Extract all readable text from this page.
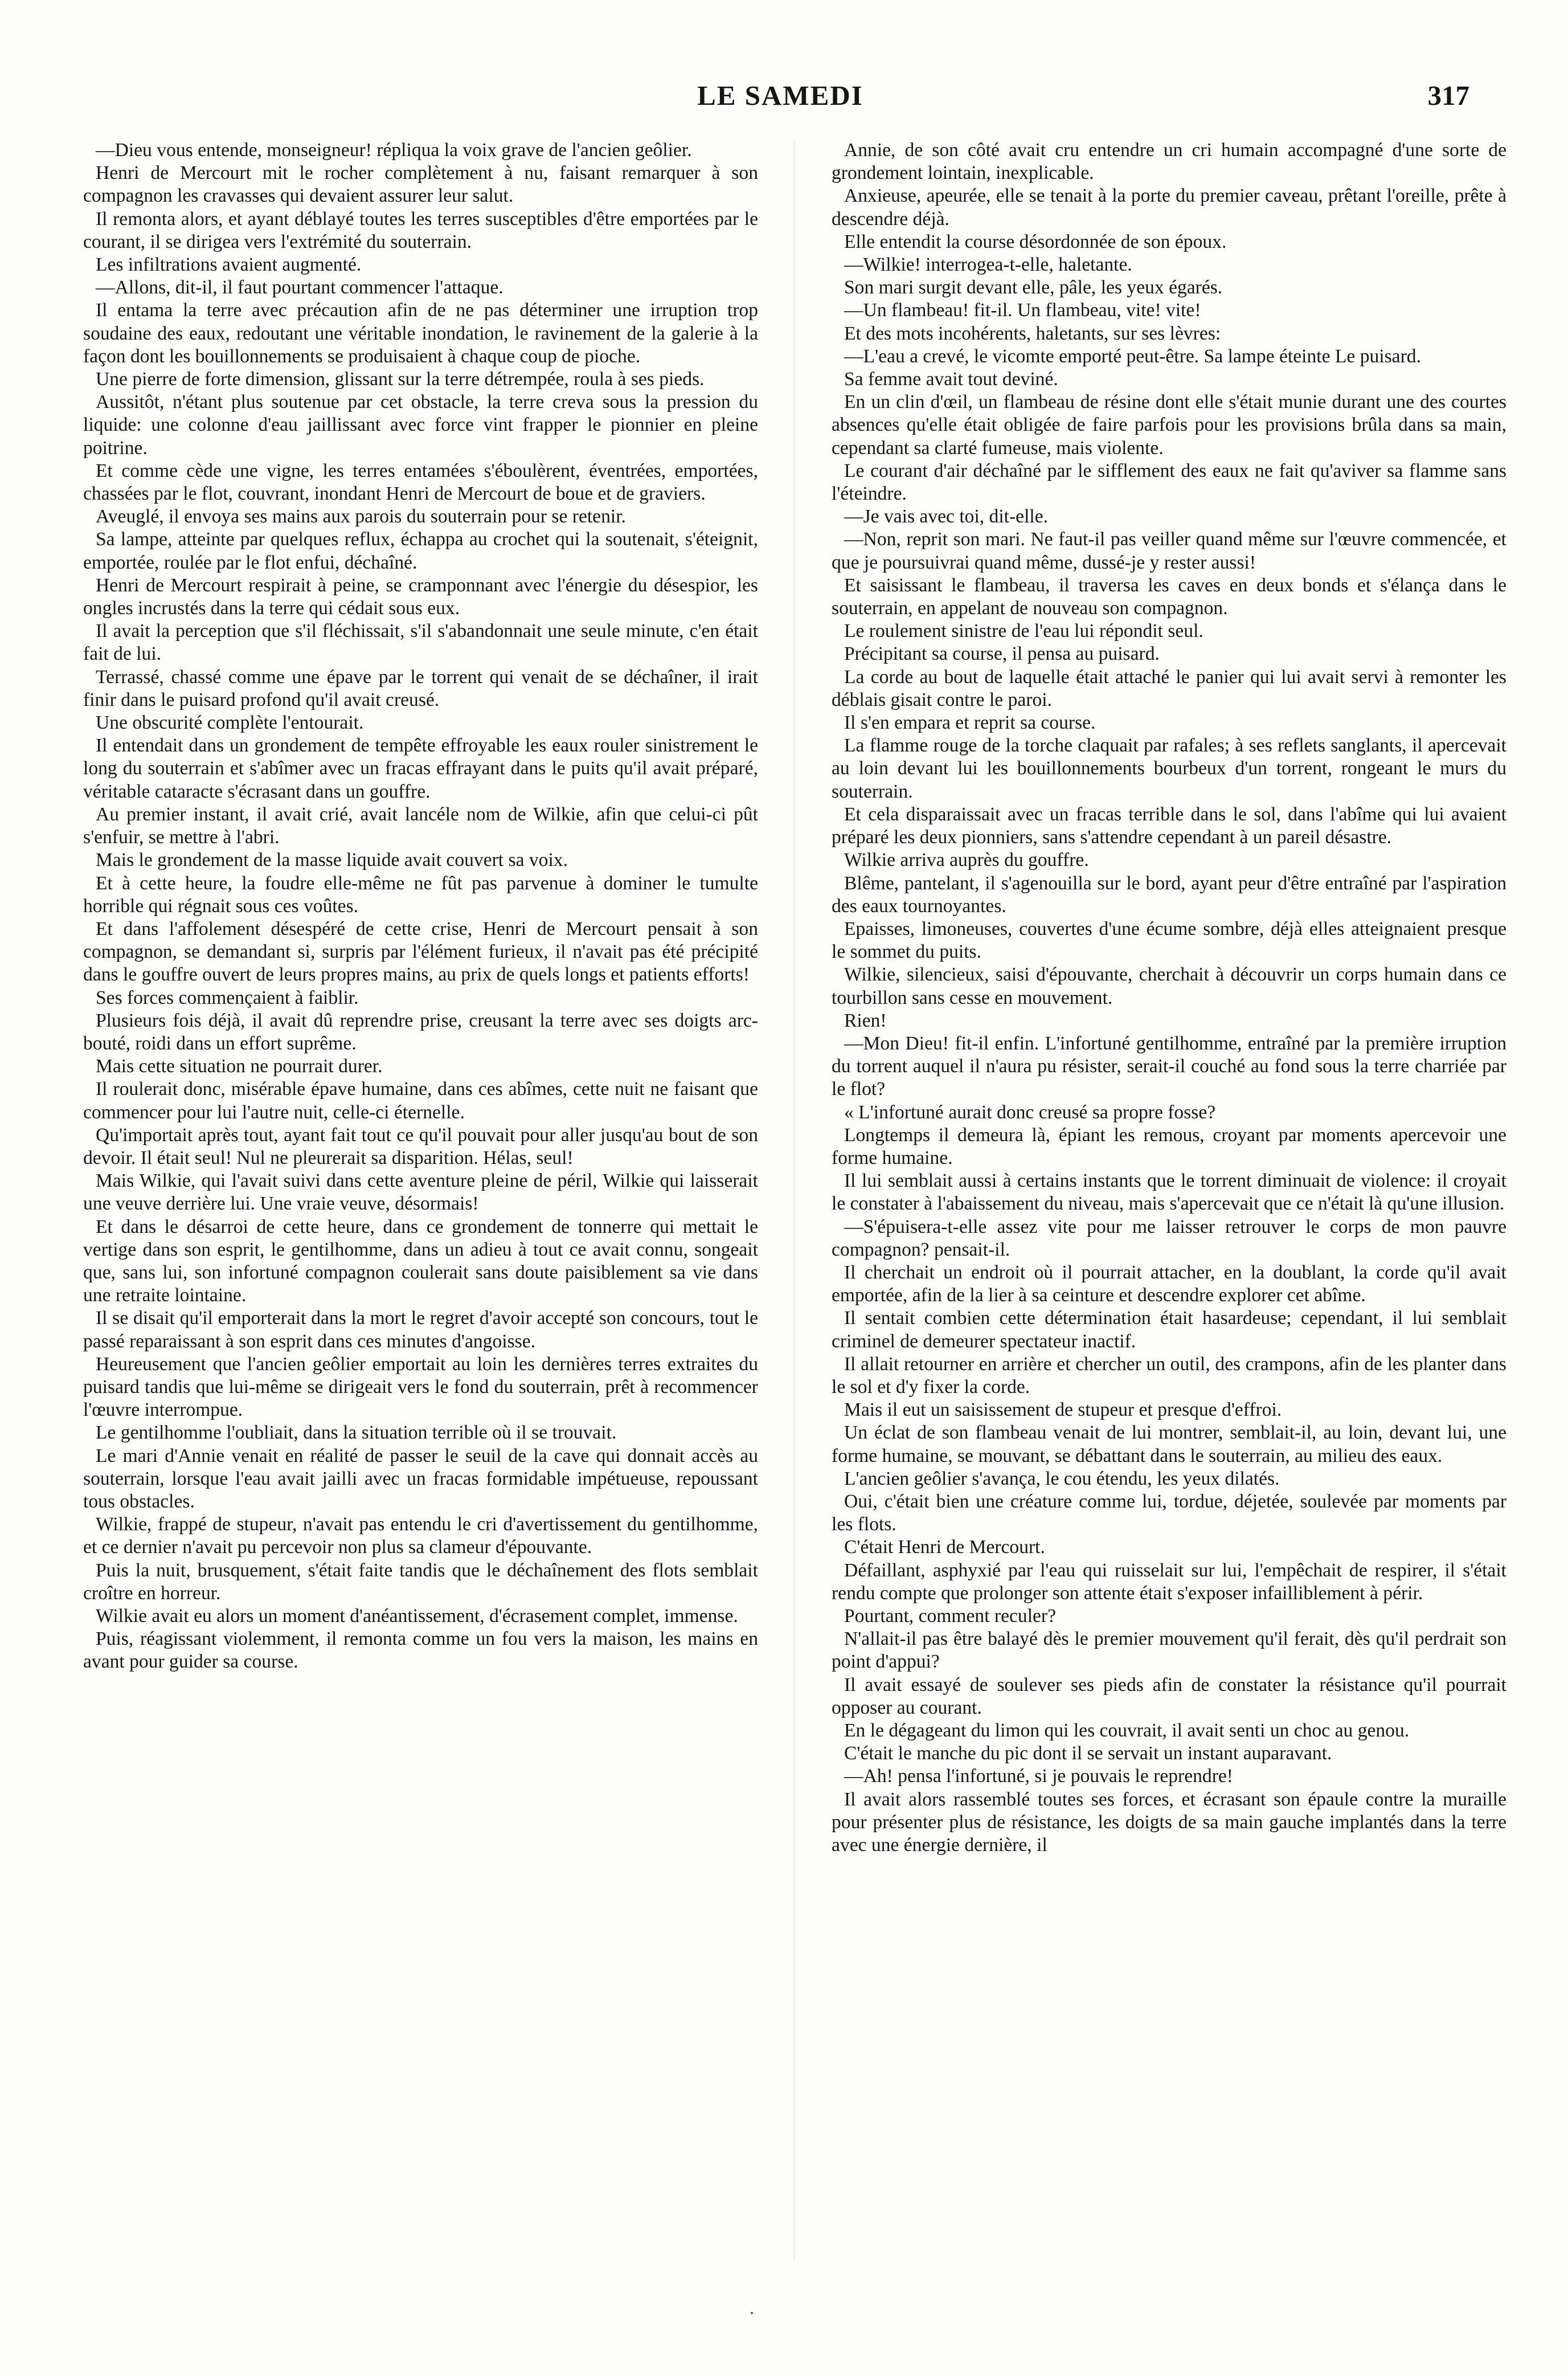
LE SAMEDI	317

—Dieu vous entende, monseigneur! répliqua la voix grave de l'ancien geôlier.

Henri de Mercourt mit le rocher complètement à nu, faisant remarquer à son compagnon les cravasses qui devaient assurer leur salut.

Il remonta alors, et ayant déblayé toutes les terres susceptibles d'être emportées par le courant, il se dirigea vers l'extrémité du souterrain.

Les infiltrations avaient augmenté.

—Allons, dit-il, il faut pourtant commencer l'attaque.

Il entama la terre avec précaution afin de ne pas déterminer une irruption trop soudaine des eaux, redoutant une véritable inondation, le ravinement de la galerie à la façon dont les bouillonnements se produisaient à chaque coup de pioche.

Une pierre de forte dimension, glissant sur la terre détrempée, roula à ses pieds.

Aussitôt, n'étant plus soutenue par cet obstacle, la terre creva sous la pression du liquide: une colonne d'eau jaillissant avec force vint frapper le pionnier en pleine poitrine.

Et comme cède une vigne, les terres entamées s'éboulèrent, éventrées, emportées, chassées par le flot, couvrant, inondant Henri de Mercourt de boue et de graviers.

Aveuglé, il envoya ses mains aux parois du souterrain pour se retenir.

Sa lampe, atteinte par quelques reflux, échappa au crochet qui la soutenait, s'éteignit, emportée, roulée par le flot enfui, déchaîné.

Henri de Mercourt respirait à peine, se cramponnant avec l'énergie du désespior, les ongles incrustés dans la terre qui cédait sous eux.

Il avait la perception que s'il fléchissait, s'il s'abandonnait une seule minute, c'en était fait de lui.

Terrassé, chassé comme une épave par le torrent qui venait de se déchaîner, il irait finir dans le puisard profond qu'il avait creusé.

Une obscurité complète l'entourait.

Il entendait dans un grondement de tempête effroyable les eaux rouler sinistrement le long du souterrain et s'abîmer avec un fracas effrayant dans le puits qu'il avait préparé, véritable cataracte s'écrasant dans un gouffre.

Au premier instant, il avait crié, avait lancéle nom de Wilkie, afin que celui-ci pût s'enfuir, se mettre à l'abri.

Mais le grondement de la masse liquide avait couvert sa voix.

Et à cette heure, la foudre elle-même ne fût pas parvenue à dominer le tumulte horrible qui régnait sous ces voûtes.

Et dans l'affolement désespéré de cette crise, Henri de Mercourt pensait à son compagnon, se demandant si, surpris par l'élément furieux, il n'avait pas été précipité dans le gouffre ouvert de leurs propres mains, au prix de quels longs et patients efforts!

Ses forces commençaient à faiblir.

Plusieurs fois déjà, il avait dû reprendre prise, creusant la terre avec ses doigts arc-bouté, roidi dans un effort suprême.

Mais cette situation ne pourrait durer.

Il roulerait donc, misérable épave humaine, dans ces abîmes, cette nuit ne faisant que commencer pour lui l'autre nuit, celle-ci éternelle.

Qu'importait après tout, ayant fait tout ce qu'il pouvait pour aller jusqu'au bout de son devoir. Il était seul! Nul ne pleurerait sa disparition. Hélas, seul!

Mais Wilkie, qui l'avait suivi dans cette aventure pleine de péril, Wilkie qui laisserait une veuve derrière lui. Une vraie veuve, désormais!

Et dans le désarroi de cette heure, dans ce grondement de tonnerre qui mettait le vertige dans son esprit, le gentilhomme, dans un adieu à tout ce avait connu, songeait que, sans lui, son infortuné compagnon coulerait sans doute paisiblement sa vie dans une retraite lointaine.

Il se disait qu'il emporterait dans la mort le regret d'avoir accepté son concours, tout le passé reparaissant à son esprit dans ces minutes d'angoisse.

Heureusement que l'ancien geôlier emportait au loin les dernières terres extraites du puisard tandis que lui-même se dirigeait vers le fond du souterrain, prêt à recommencer l'œuvre interrompue.

Le gentilhomme l'oubliait, dans la situation terrible où il se trouvait.

Le mari d'Annie venait en réalité de passer le seuil de la cave qui donnait accès au souterrain, lorsque l'eau avait jailli avec un fracas formidable impétueuse, repoussant tous obstacles.

Wilkie, frappé de stupeur, n'avait pas entendu le cri d'avertissement du gentilhomme, et ce dernier n'avait pu percevoir non plus sa clameur d'épouvante.

Puis la nuit, brusquement, s'était faite tandis que le déchaînement des flots semblait croître en horreur.

Wilkie avait eu alors un moment d'anéantissement, d'écrasement complet, immense.

Puis, réagissant violemment, il remonta comme un fou vers la maison, les mains en avant pour guider sa course.

Annie, de son côté avait cru entendre un cri humain accompagné d'une sorte de grondement lointain, inexplicable.

Anxieuse, apeurée, elle se tenait à la porte du premier caveau, prêtant l'oreille, prête à descendre déjà.

Elle entendit la course désordonnée de son époux.

—Wilkie! interrogea-t-elle, haletante.

Son mari surgit devant elle, pâle, les yeux égarés.

—Un flambeau! fit-il. Un flambeau, vite! vite!

Et des mots incohérents, haletants, sur ses lèvres:

—L'eau a crevé, le vicomte emporté peut-être. Sa lampe éteinte Le puisard.

Sa femme avait tout deviné.

En un clin d'œil, un flambeau de résine dont elle s'était munie durant une des courtes absences qu'elle était obligée de faire parfois pour les provisions brûla dans sa main, cependant sa clarté fumeuse, mais violente.

Le courant d'air déchaîné par le sifflement des eaux ne fait qu'aviver sa flamme sans l'éteindre.

—Je vais avec toi, dit-elle.

—Non, reprit son mari. Ne faut-il pas veiller quand même sur l'œuvre commencée, et que je poursuivrai quand même, dussé-je y rester aussi!

Et saisissant le flambeau, il traversa les caves en deux bonds et s'élança dans le souterrain, en appelant de nouveau son compagnon.

Le roulement sinistre de l'eau lui répondit seul.

Précipitant sa course, il pensa au puisard.

La corde au bout de laquelle était attaché le panier qui lui avait servi à remonter les déblais gisait contre le paroi.

Il s'en empara et reprit sa course.

La flamme rouge de la torche claquait par rafales; à ses reflets sanglants, il apercevait au loin devant lui les bouillonnements bourbeux d'un torrent, rongeant le murs du souterrain.

Et cela disparaissait avec un fracas terrible dans le sol, dans l'abîme qui lui avaient préparé les deux pionniers, sans s'attendre cependant à un pareil désastre.

Wilkie arriva auprès du gouffre.

Blême, pantelant, il s'agenouilla sur le bord, ayant peur d'être entraîné par l'aspiration des eaux tournoyantes.

Epaisses, limoneuses, couvertes d'une écume sombre, déjà elles atteignaient presque le sommet du puits.

Wilkie, silencieux, saisi d'épouvante, cherchait à découvrir un corps humain dans ce tourbillon sans cesse en mouvement.

Rien!

—Mon Dieu! fit-il enfin. L'infortuné gentilhomme, entraîné par la première irruption du torrent auquel il n'aura pu résister, serait-il couché au fond sous la terre charriée par le flot?

« L'infortuné aurait donc creusé sa propre fosse?

Longtemps il demeura là, épiant les remous, croyant par moments apercevoir une forme humaine.

Il lui semblait aussi à certains instants que le torrent diminuait de violence: il croyait le constater à l'abaissement du niveau, mais s'apercevait que ce n'était là qu'une illusion.

—S'épuisera-t-elle assez vite pour me laisser retrouver le corps de mon pauvre compagnon? pensait-il.

Il cherchait un endroit où il pourrait attacher, en la doublant, la corde qu'il avait emportée, afin de la lier à sa ceinture et descendre explorer cet abîme.

Il sentait combien cette détermination était hasardeuse; cependant, il lui semblait criminel de demeurer spectateur inactif.

Il allait retourner en arrière et chercher un outil, des crampons, afin de les planter dans le sol et d'y fixer la corde.

Mais il eut un saisissement de stupeur et presque d'effroi.

Un éclat de son flambeau venait de lui montrer, semblait-il, au loin, devant lui, une forme humaine, se mouvant, se débattant dans le souterrain, au milieu des eaux.

L'ancien geôlier s'avança, le cou étendu, les yeux dilatés.

Oui, c'était bien une créature comme lui, tordue, déjetée, soulevée par moments par les flots.

C'était Henri de Mercourt.

Défaillant, asphyxié par l'eau qui ruisselait sur lui, l'empêchait de respirer, il s'était rendu compte que prolonger son attente était s'exposer infailliblement à périr.

Pourtant, comment reculer?

N'allait-il pas être balayé dès le premier mouvement qu'il ferait, dès qu'il perdrait son point d'appui?

Il avait essayé de soulever ses pieds afin de constater la résistance qu'il pourrait opposer au courant.

En le dégageant du limon qui les couvrait, il avait senti un choc au genou.

C'était le manche du pic dont il se servait un instant auparavant.

—Ah! pensa l'infortuné, si je pouvais le reprendre!

Il avait alors rassemblé toutes ses forces, et écrasant son épaule contre la muraille pour présenter plus de résistance, les doigts de sa main gauche implantés dans la terre avec une énergie dernière, il
